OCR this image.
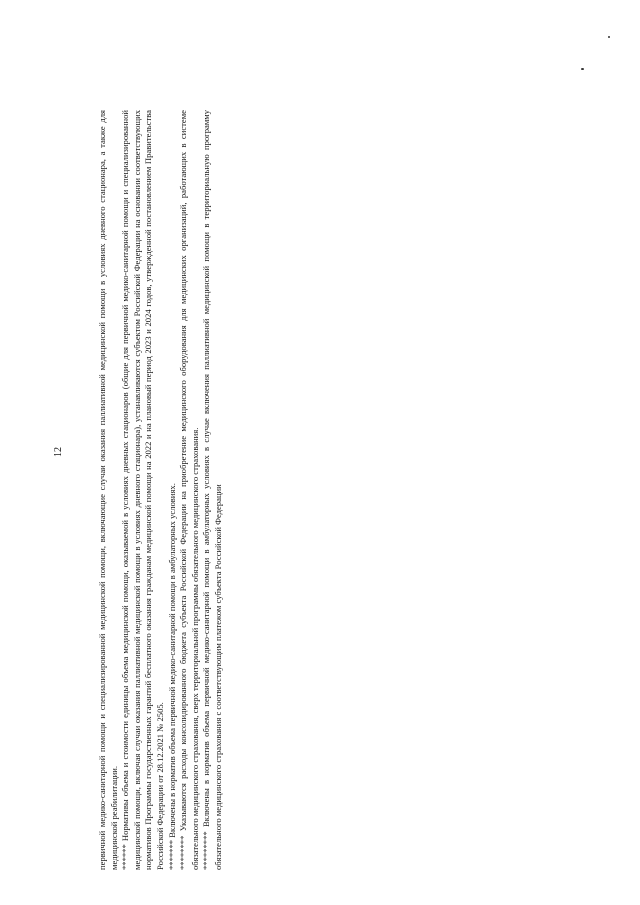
первичной медико-санитарной помощи и специализированной медицинской помощи, включающие случаи оказания паллиативной медицинской помощи в условиях дневного стационара, а также для медицинской реабилитации. ****** Нормативы объема и стоимости единицы объема медицинской помощи, оказываемой в условиях дневных стационаров (общие для первичной медико-санитарной помощи и специализированной медицинской помощи, включая случаи оказания паллиативной медицинской помощи в условиях дневного стационара), устанавливаются субъектом Российской Федерации на основании соответствующих нормативов Программы государственных гарантий бесплатного оказания гражданам медицинской помощи на 2022 и на плановый период 2023 и 2024 годов, утвержденной постановлением Правительства Российской Федерации от 28.12.2021 № 2505. ******* Включены в норматив объема первичной медико-санитарной помощи в амбулаторных условиях. ******** Указываются расходы консолидированного бюджета субъекта Российской Федерации на приобретение медицинского оборудования для медицинских организаций, работающих в системе обязательного медицинского страхования, сверх территориальной программы обязательного медицинского страхования. ********* Включены в норматив объема первичной медико-санитарной помощи в амбулаторных условиях в случае включения паллиативной медицинской помощи в территориальную программу обязательного медицинского страхования с соответствующим платежом субъекта Российской Федерации

12
